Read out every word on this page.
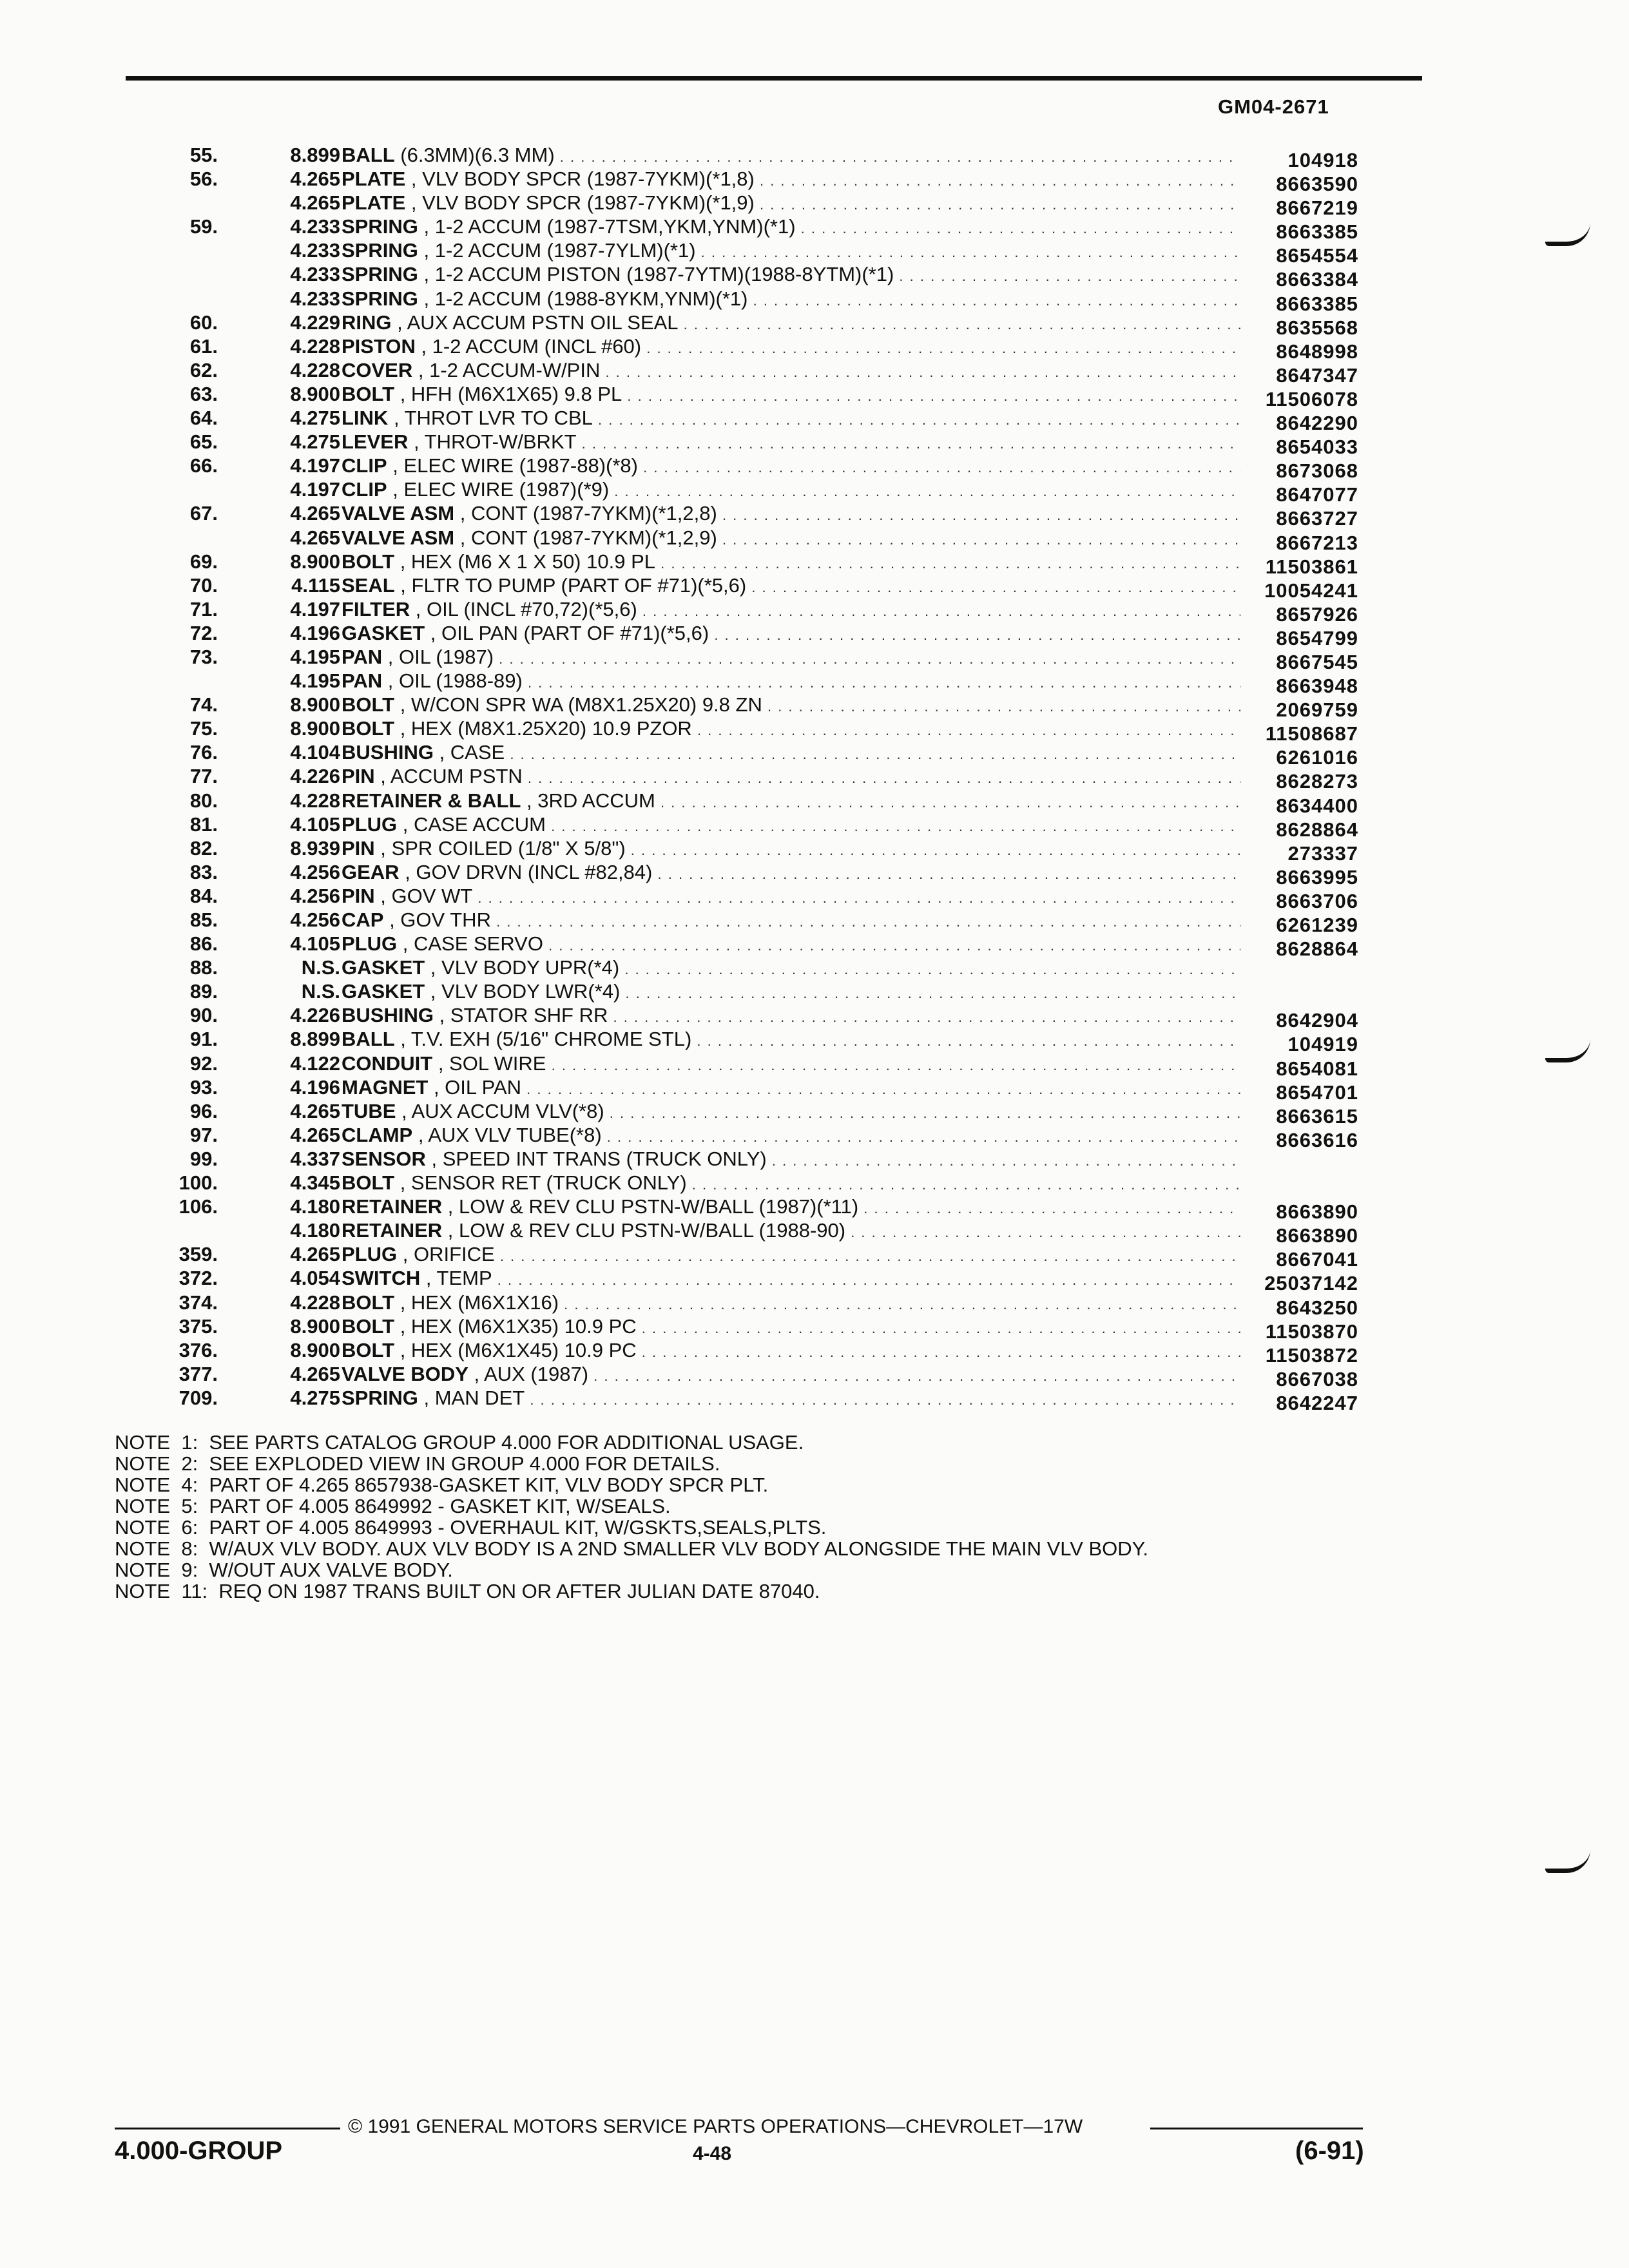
GM04-2671
55.	8.899 BALL (6.3MM)(6.3 MM) . . .	104918
56.	4.265 PLATE , VLV BODY SPCR (1987-7YKM)(*1,8) . . .	8663590
4.265 PLATE , VLV BODY SPCR (1987-7YKM)(*1,9) . . .	8667219
59.	4.233 SPRING , 1-2 ACCUM (1987-7TSM,YKM,YNM)(*1) . . .	8663385
4.233 SPRING , 1-2 ACCUM (1987-7YLM)(*1) . . .	8654554
4.233 SPRING , 1-2 ACCUM PISTON (1987-7YTM)(1988-8YTM)(*1) . . .	8663384
4.233 SPRING , 1-2 ACCUM (1988-8YKM,YNM)(*1) . . .	8663385
60.	4.229 RING , AUX ACCUM PSTN OIL SEAL . . .	8635568
61.	4.228 PISTON , 1-2 ACCUM (INCL #60) . . .	8648998
62.	4.228 COVER , 1-2 ACCUM-W/PIN . . .	8647347
63.	8.900 BOLT , HFH (M6X1X65) 9.8 PL . . .	11506078
64.	4.275 LINK , THROT LVR TO CBL . . .	8642290
65.	4.275 LEVER , THROT-W/BRKT . . .	8654033
66.	4.197 CLIP , ELEC WIRE (1987-88)(*8) . . .	8673068
4.197 CLIP , ELEC WIRE (1987)(*9) . . .	8647077
67.	4.265 VALVE ASM , CONT (1987-7YKM)(*1,2,8) . . .	8663727
4.265 VALVE ASM , CONT (1987-7YKM)(*1,2,9) . . .	8667213
69.	8.900 BOLT , HEX (M6 X 1 X 50) 10.9 PL . . .	11503861
70.	4.115 SEAL , FLTR TO PUMP (PART OF #71)(*5,6) . . .	10054241
71.	4.197 FILTER , OIL (INCL #70,72)(*5,6) . . .	8657926
72.	4.196 GASKET , OIL PAN (PART OF #71)(*5,6) . . .	8654799
73.	4.195 PAN , OIL (1987) . . .	8667545
4.195 PAN , OIL (1988-89) . . .	8663948
74.	8.900 BOLT , W/CON SPR WA (M8X1.25X20) 9.8 ZN . . .	2069759
75.	8.900 BOLT , HEX (M8X1.25X20) 10.9 PZOR . . .	11508687
76.	4.104 BUSHING , CASE . . .	6261016
77.	4.226 PIN , ACCUM PSTN . . .	8628273
80.	4.228 RETAINER & BALL , 3RD ACCUM . . .	8634400
81.	4.105 PLUG , CASE ACCUM . . .	8628864
82.	8.939 PIN , SPR COILED (1/8" X 5/8") . . .	273337
83.	4.256 GEAR , GOV DRVN (INCL #82,84) . . .	8663995
84.	4.256 PIN , GOV WT . . .	8663706
85.	4.256 CAP , GOV THR . . .	6261239
86.	4.105 PLUG , CASE SERVO . . .	8628864
88.	N.S. GASKET , VLV BODY UPR(*4) . . .
89.	N.S. GASKET , VLV BODY LWR(*4) . . .
90.	4.226 BUSHING , STATOR SHF RR . . .	8642904
91.	8.899 BALL , T.V. EXH (5/16" CHROME STL) . . .	104919
92.	4.122 CONDUIT , SOL WIRE . . .	8654081
93.	4.196 MAGNET , OIL PAN . . .	8654701
96.	4.265 TUBE , AUX ACCUM VLV(*8) . . .	8663615
97.	4.265 CLAMP , AUX VLV TUBE(*8) . . .	8663616
99.	4.337 SENSOR , SPEED INT TRANS (TRUCK ONLY) . . .
100.	4.345 BOLT , SENSOR RET (TRUCK ONLY) . . .
106.	4.180 RETAINER , LOW & REV CLU PSTN-W/BALL (1987)(*11) . . .	8663890
4.180 RETAINER , LOW & REV CLU PSTN-W/BALL (1988-90) . . .	8663890
359.	4.265 PLUG , ORIFICE . . .	8667041
372.	4.054 SWITCH , TEMP . . .	25037142
374.	4.228 BOLT , HEX (M6X1X16) . . .	8643250
375.	8.900 BOLT , HEX (M6X1X35) 10.9 PC . . .	11503870
376.	8.900 BOLT , HEX (M6X1X45) 10.9 PC . . .	11503872
377.	4.265 VALVE BODY , AUX (1987) . . .	8667038
709.	4.275 SPRING , MAN DET . . .	8642247
NOTE  1:  SEE PARTS CATALOG GROUP 4.000 FOR ADDITIONAL USAGE.
NOTE  2:  SEE EXPLODED VIEW IN GROUP 4.000 FOR DETAILS.
NOTE  4:  PART OF 4.265 8657938-GASKET KIT, VLV BODY SPCR PLT.
NOTE  5:  PART OF 4.005 8649992 - GASKET KIT, W/SEALS.
NOTE  6:  PART OF 4.005 8649993 - OVERHAUL KIT, W/GSKTS,SEALS,PLTS.
NOTE  8:  W/AUX VLV BODY. AUX VLV BODY IS A 2ND SMALLER VLV BODY ALONGSIDE THE MAIN VLV BODY.
NOTE  9:  W/OUT AUX VALVE BODY.
NOTE  11:  REQ ON 1987 TRANS BUILT ON OR AFTER JULIAN DATE 87040.
© 1991 GENERAL MOTORS SERVICE PARTS OPERATIONS—CHEVROLET—17W
4.000-GROUP	4-48	(6-91)
